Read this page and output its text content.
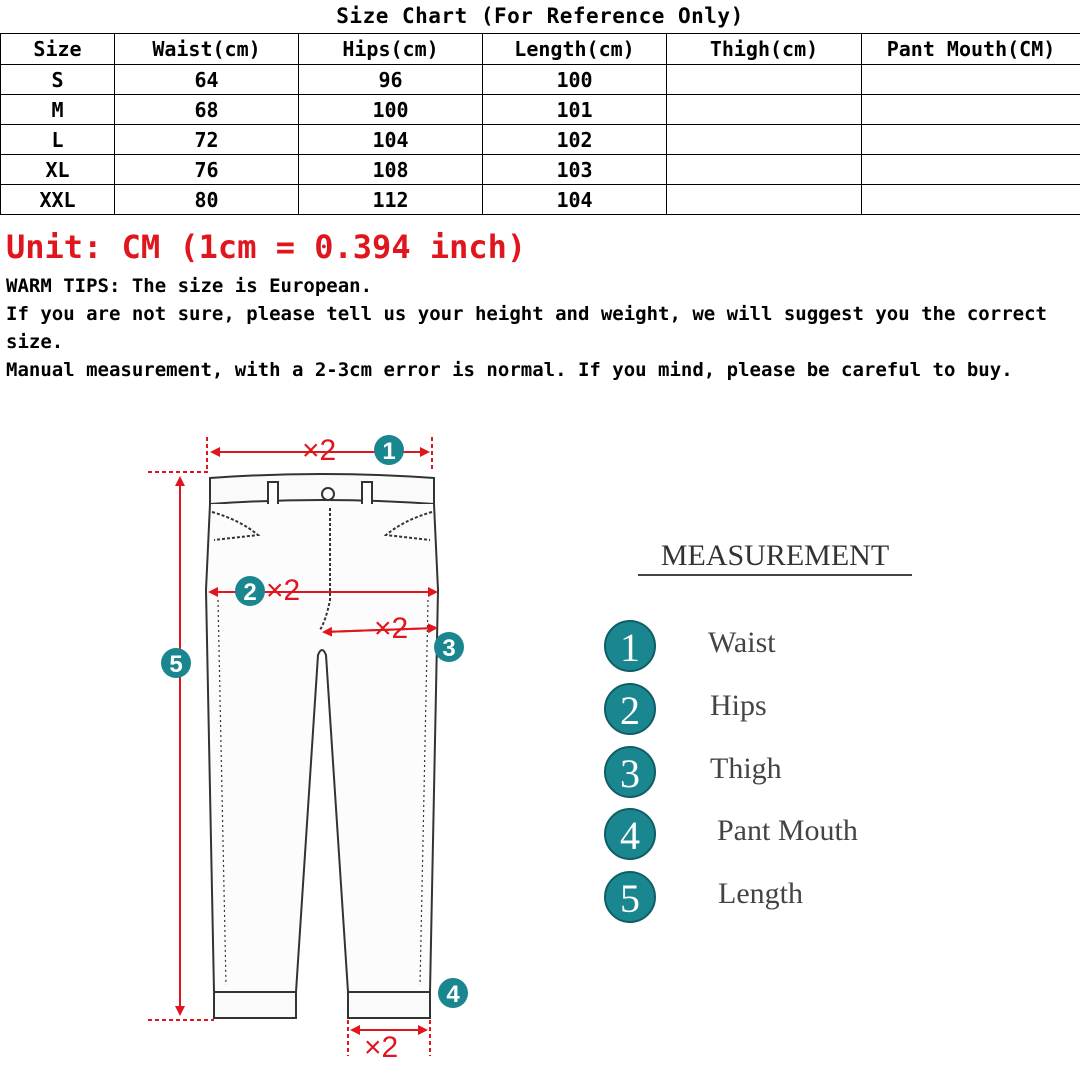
Size Chart (For Reference Only)
Size	Waist(cm)	Hips(cm)	Length(cm)	Thigh(cm)	Pant Mouth(CM)
S	64	96	100		
M	68	100	101		
L	72	104	102		
XL	76	108	103		
XXL	80	112	104		
Unit: CM (1cm = 0.394 inch)

WARM TIPS: The size is European.

If you are not sure, please tell us your height and weight, we will suggest you the correct size.

Manual measurement, with a 2-3cm error is normal. If you mind, please be careful to buy.

×2
×2
×2
×2
1
2
3
4
5
MEASUREMENT
1	Waist
2	Hips
3	Thigh
4	Pant Mouth
5	Length
